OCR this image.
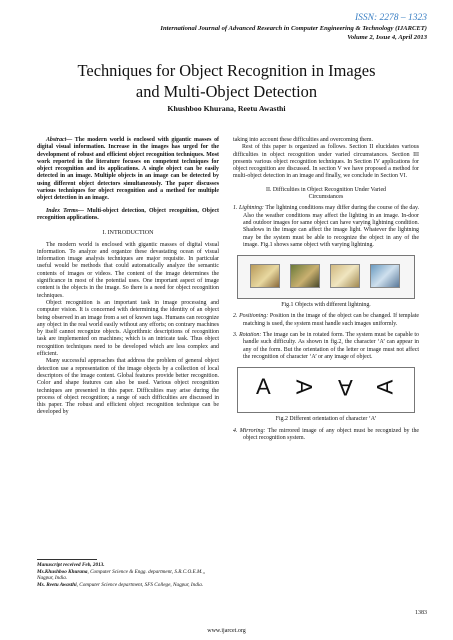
ISSN: 2278 – 1323
International Journal of Advanced Research in Computer Engineering & Technology (IJARCET)
Volume 2, Issue 4, April 2013
Techniques for Object Recognition in Images
and Multi-Object Detection
Khushboo Khurana, Reetu Awasthi

Abstract— The modern world is enclosed with gigantic masses of digital visual information. Increase in the images has urged for the development of robust and efficient object recognition techniques. Most work reported in the literature focuses on competent techniques for object recognition and its applications. A single object can be easily detected in an image. Multiple objects in an image can be detected by using different object detectors simultaneously. The paper discusses various techniques for object recognition and a method for multiple object detection in an image.

Index Terms— Multi-object detection, Object recognition, Object recognition applications.

I. INTRODUCTION

The modern world is enclosed with gigantic masses of digital visual information. To analyze and organize these devastating ocean of visual information image analysis techniques are major requisite. In particular useful would be methods that could automatically analyze the semantic contents of images or videos. The content of the image determines the significance in most of the potential uses. One important aspect of image content is the objects in the image. So there is a need for object recognition techniques.

Object recognition is an important task in image processing and computer vision. It is concerned with determining the identity of an object being observed in an image from a set of known tags. Humans can recognize any object in the real world easily without any efforts; on contrary machines by itself cannot recognize objects. Algorithmic descriptions of recognition task are implemented on machines; which is an intricate task. Thus object recognition techniques need to be developed which are less complex and efficient.

Many successful approaches that address the problem of general object detection use a representation of the image objects by a collection of local descriptors of the image content. Global features provide better recognition. Color and shape features can also be used. Various object recognition techniques are presented in this paper. Difficulties may arise during the process of object recognition; a range of such difficulties are discussed in this paper. The robust and efficient object recognition technique can be developed by

taking into account these difficulties and overcoming them.

Rest of this paper is organized as follows. Section II elucidates various difficulties in object recognition under varied circumstances. Section III presents various object recognition techniques. In Section IV applications for object recognition are discussed. In section V we have proposed a method for multi-object detection in an image and finally, we conclude in Section VI.

II. Difficulties in Object Recognition Under Varied
Circumstances

1. Lightning: The lightning conditions may differ during the course of the day. Also the weather conditions may affect the lighting in an image. In-door and outdoor images for same object can have varying lightning condition. Shadows in the image can affect the image light. Whatever the lightning may be the system must be able to recognize the object in any of the image. Fig.1 shows same object with varying lightning.

Fig.1 Objects with different lightning.

2. Positioning: Position in the image of the object can be changed. If template matching is used, the system must handle such images uniformly.

3. Rotation: The image can be in rotated form. The system must be capable to handle such difficulty. As shown in fig.2, the character ‘A’ can appear in any of the form. But the orientation of the letter or image must not affect the recognition of character ‘A’ or any image of object.

A A A A
Fig.2 Different orientation of character ‘A’

4. Mirroring: The mirrored image of any object must be recognized by the object recognition system.

Manuscript received Feb, 2013.
Ms.Khushboo Khurana, Computer Science & Engg. department, S.R.C.O.E.M.,, Nagpur, India.
Ms. Reetu Awasthi, Computer Science department, SFS College, Nagpur, India.
1383
www.ijarcet.org
